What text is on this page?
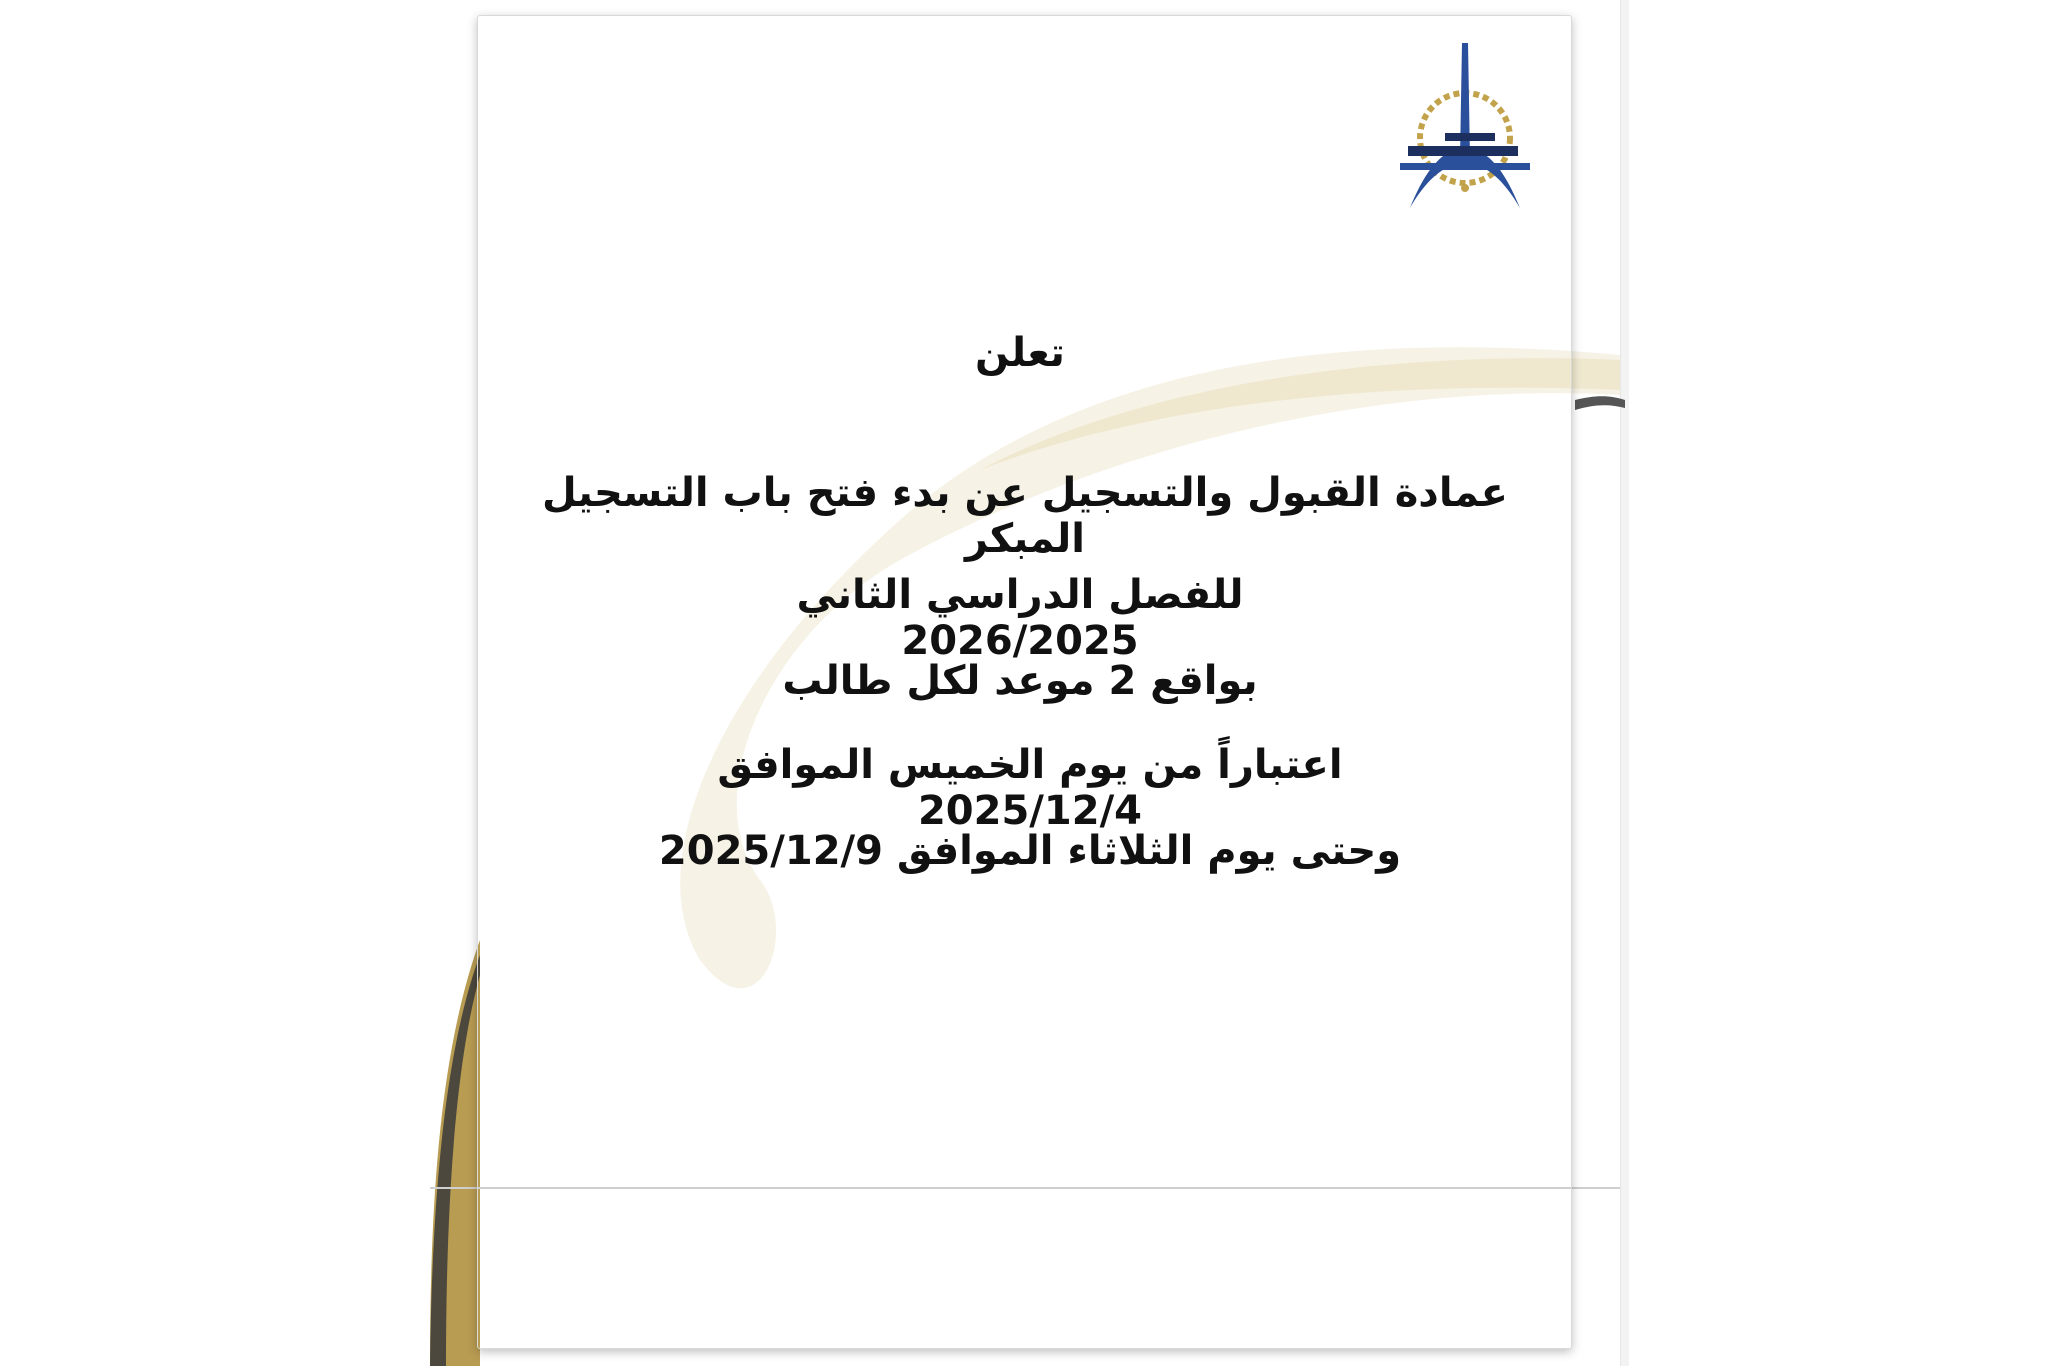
تعلن
عمادة القبول والتسجيل عن بدء فتح باب التسجيل المبكر
للفصل الدراسي الثاني 2026/2025
بواقع 2 موعد لكل طالب
اعتباراً من يوم الخميس الموافق 2025/12/4
وحتى يوم الثلاثاء الموافق 2025/12/9
